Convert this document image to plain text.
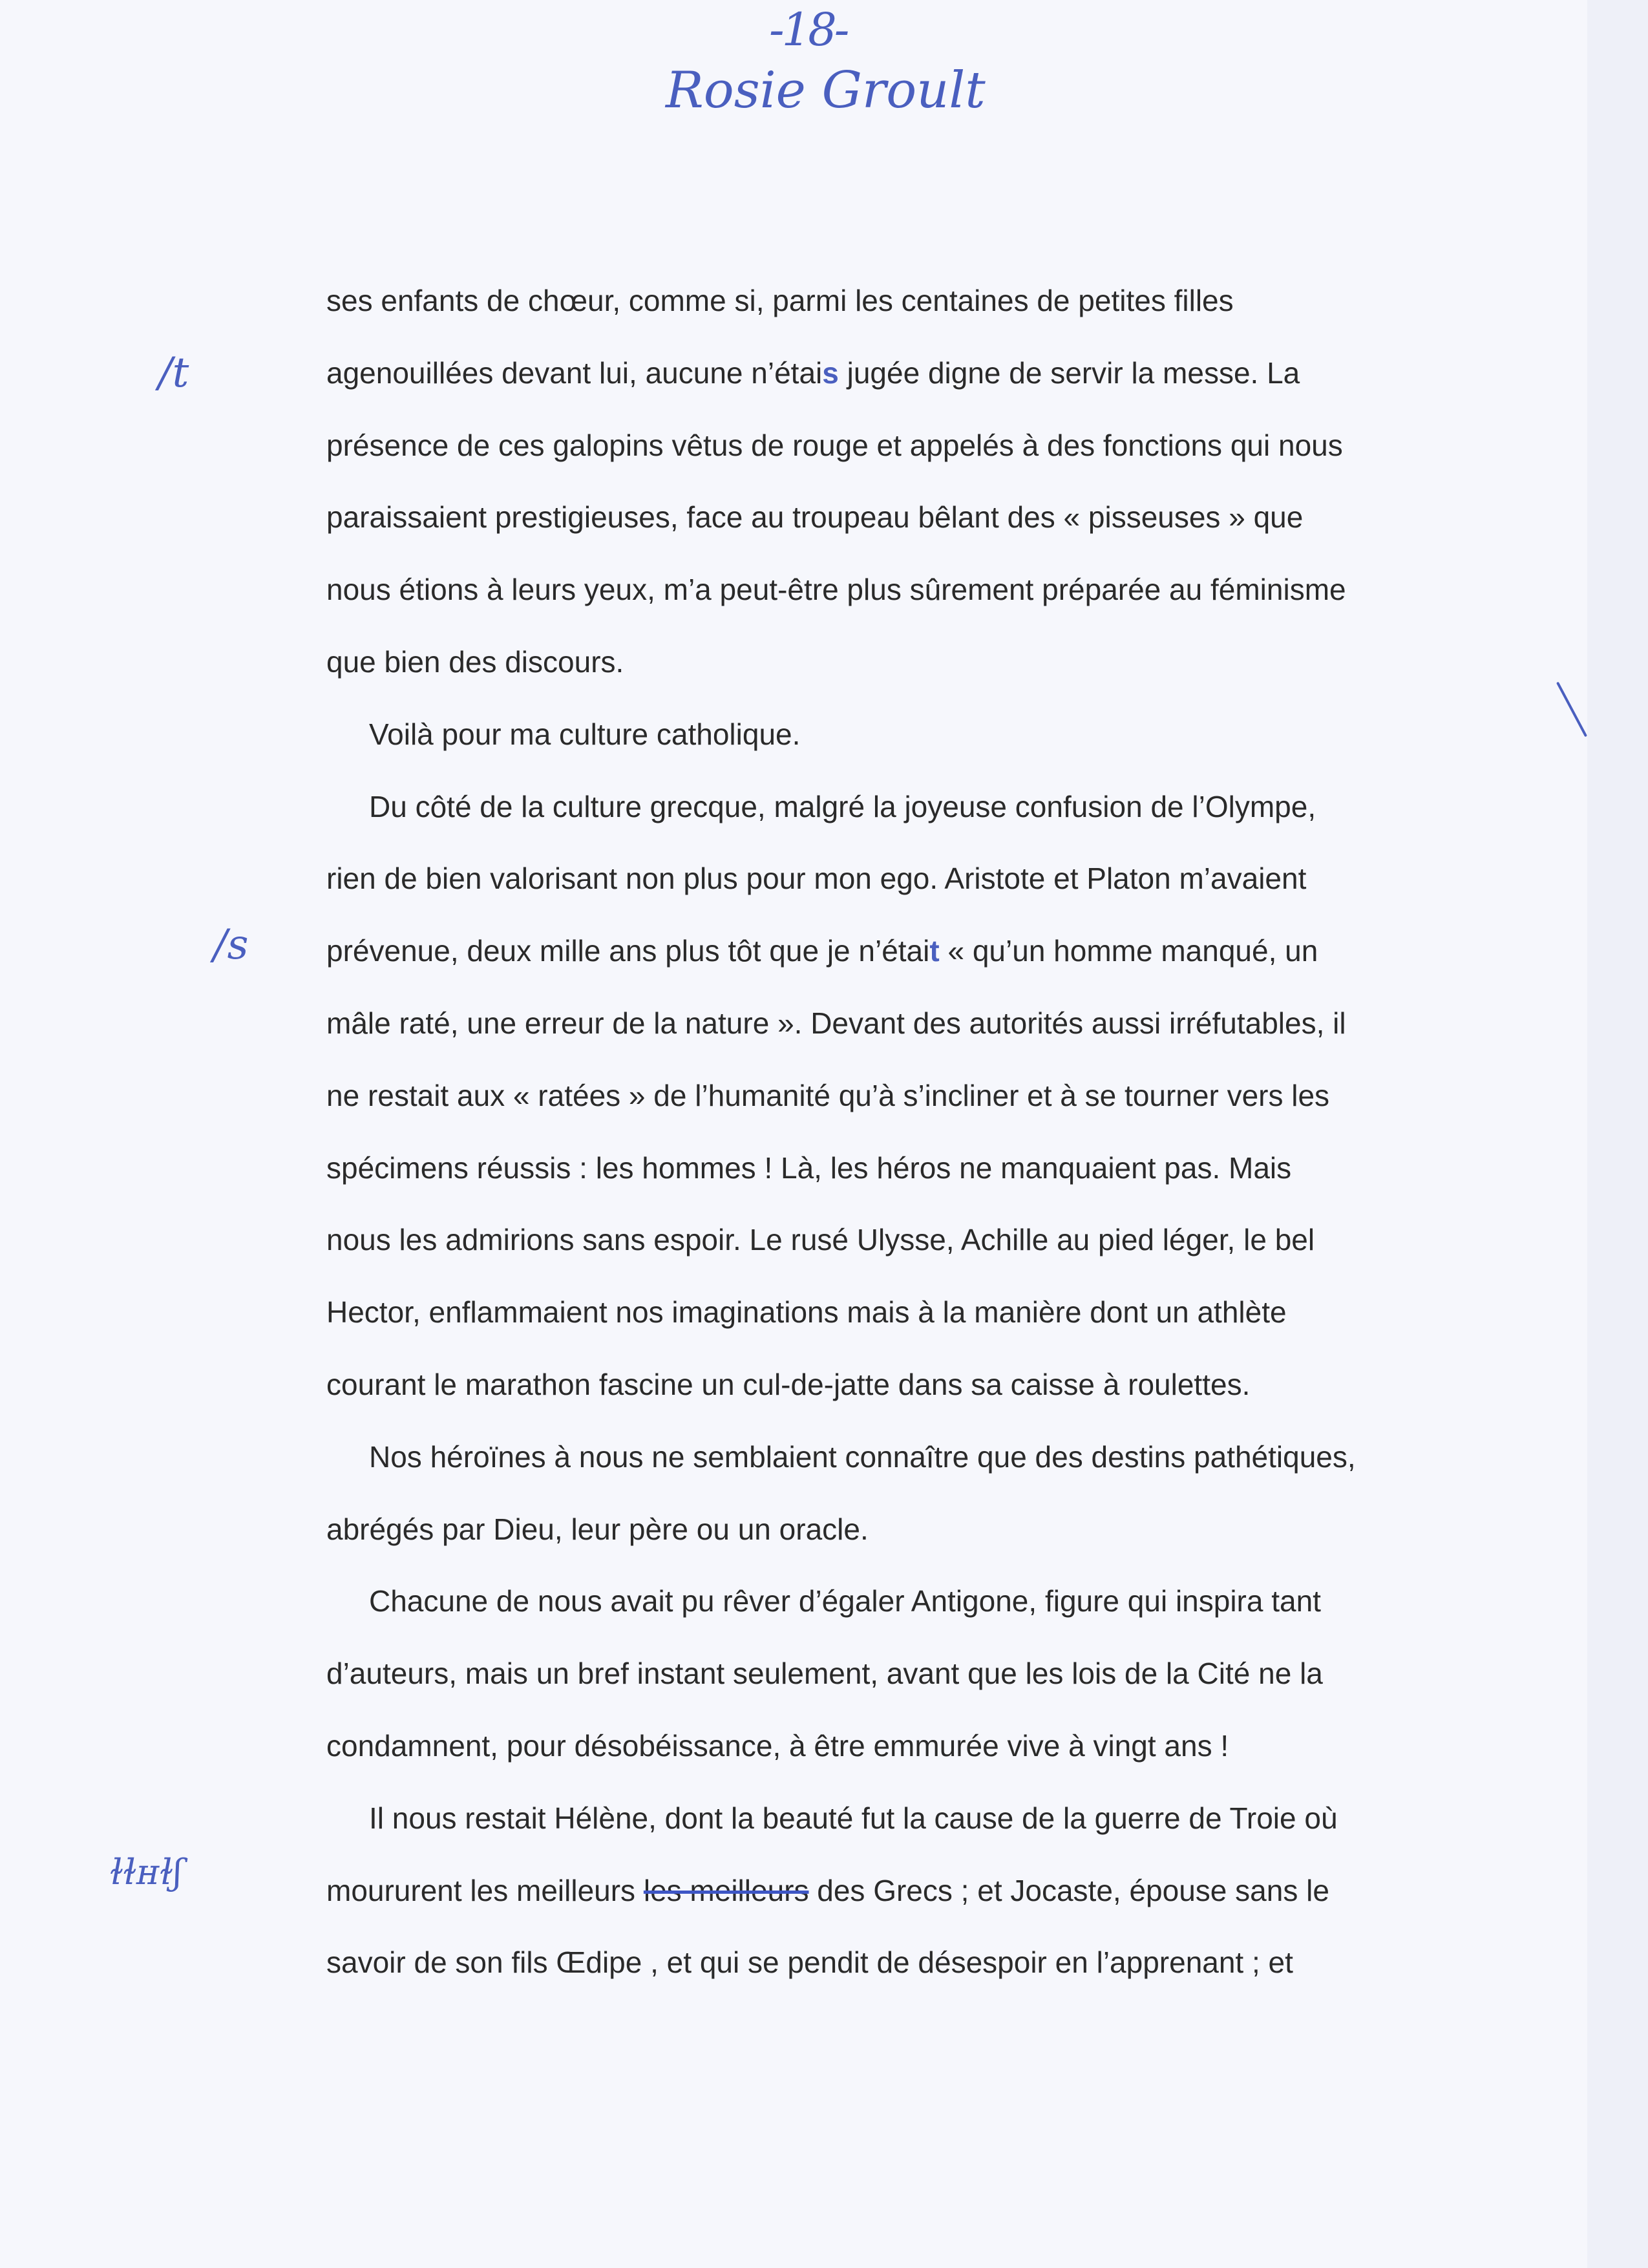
-18-
Rosie Groult
/t
/s
ɫɫʜɫʃ
ses enfants de chœur, comme si, parmi les centaines de petites filles
agenouillées devant lui, aucune n’étais jugée digne de servir la messe. La
présence de ces galopins vêtus de rouge et appelés à des fonctions qui nous
paraissaient prestigieuses, face au troupeau bêlant des « pisseuses » que
nous étions à leurs yeux, m’a peut-être plus sûrement préparée au féminisme
que bien des discours.
Voilà pour ma culture catholique.
Du côté de la culture grecque, malgré la joyeuse confusion de l’Olympe,
rien de bien valorisant non plus pour mon ego. Aristote et Platon m’avaient
prévenue, deux mille ans plus tôt que je n’était « qu’un homme manqué, un
mâle raté, une erreur de la nature ». Devant des autorités aussi irréfutables, il
ne restait aux « ratées » de l’humanité qu’à s’incliner et à se tourner vers les
spécimens réussis : les hommes ! Là, les héros ne manquaient pas. Mais
nous les admirions sans espoir. Le rusé Ulysse, Achille au pied léger, le bel
Hector, enflammaient nos imaginations mais à la manière dont un athlète
courant le marathon fascine un cul-de-jatte dans sa caisse à roulettes.
Nos héroïnes à nous ne semblaient connaître que des destins pathétiques,
abrégés par Dieu, leur père ou un oracle.
Chacune de nous avait pu rêver d’égaler Antigone, figure qui inspira tant
d’auteurs, mais un bref instant seulement, avant que les lois de la Cité ne la
condamnent, pour désobéissance, à être emmurée vive à vingt ans !
Il nous restait Hélène, dont la beauté fut la cause de la guerre de Troie où
moururent les meilleurs les meilleurs des Grecs ; et Jocaste, épouse sans le
savoir de son fils Œdipe , et qui se pendit de désespoir en l’apprenant ; et
